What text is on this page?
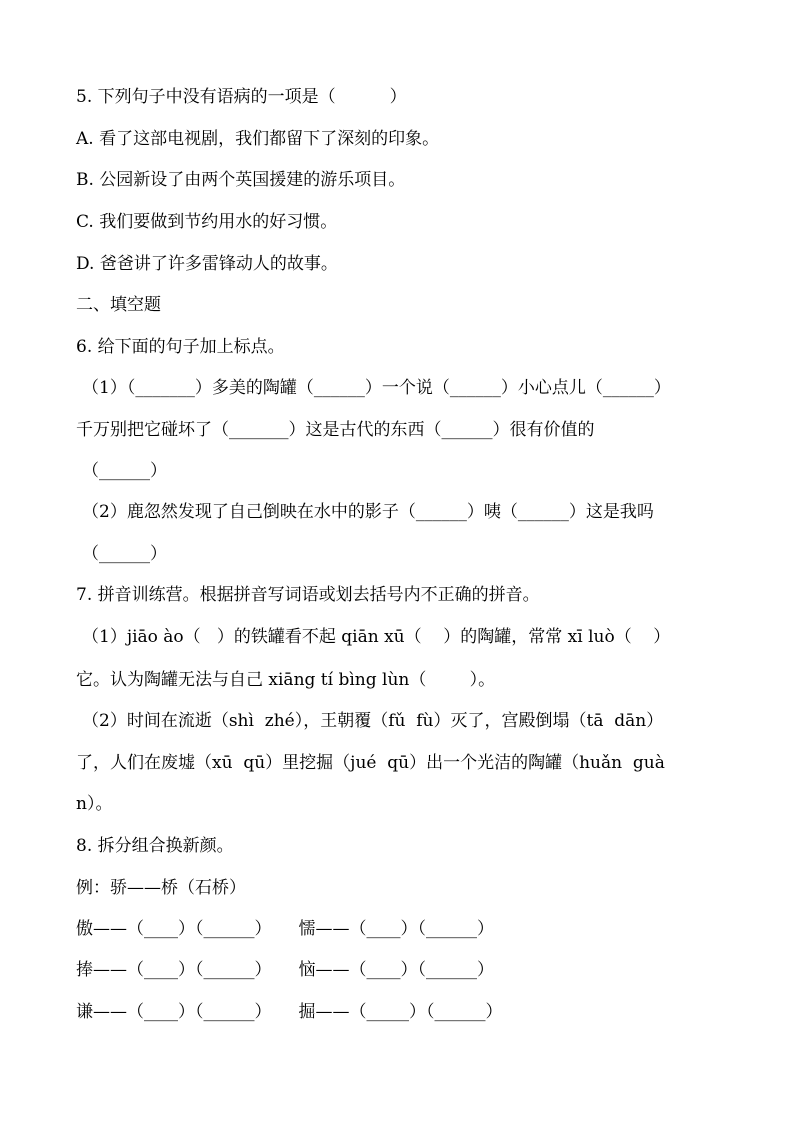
5. 下列句子中没有语病的一项是（          ）
A. 看了这部电视剧，我们都留下了深刻的印象。
B. 公园新设了由两个英国援建的游乐项目。
C. 我们要做到节约用水的好习惯。
D. 爸爸讲了许多雷锋动人的故事。
二、填空题
6. 给下面的句子加上标点。
（1）（_______）多美的陶罐（______）一个说（______）小心点儿（______）
千万别把它碰坏了（_______）这是古代的东西（______）很有价值的
（______）
（2）鹿忽然发现了自己倒映在水中的影子（______）咦（______）这是我吗
（______）
7. 拼音训练营。根据拼音写词语或划去括号内不正确的拼音。
（1）jiāo ào（   ）的铁罐看不起 qiān xū（    ）的陶罐，常常 xī luò（    ）
它。认为陶罐无法与自己 xiāng tí bìng lùn（        ）。
（2）时间在流逝（shì  zhé），王朝覆（fǔ  fù）灭了，宫殿倒塌（tā  dān）
了，人们在废墟（xū  qū）里挖掘（jué  qū）出一个光洁的陶罐（huǎn  guà
n）。
8. 拆分组合换新颜。
例：骄——桥（石桥）
傲——（____）（______）     懦——（____）（______）
捧——（____）（______）     恼——（____）（______）
谦——（____）（______）     掘——（_____）（______）
